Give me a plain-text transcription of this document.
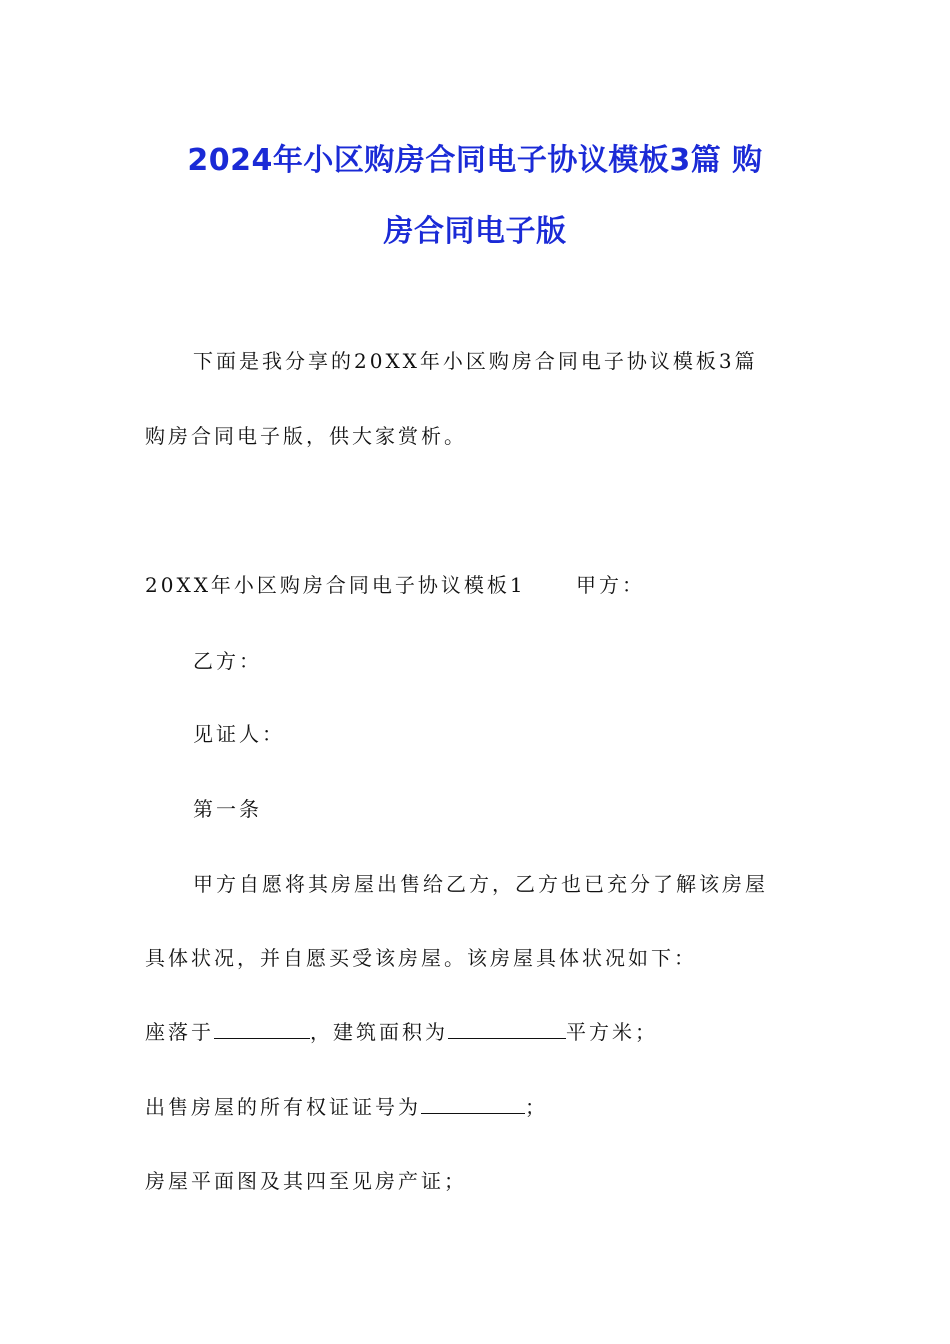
2024年小区购房合同电子协议模板3篇 购
房合同电子版

下面是我分享的20XX年小区购房合同电子协议模板3篇

购房合同电子版，供大家赏析。

20XX年小区购房合同电子协议模板1	甲方：

乙方：

见证人：

第一条

甲方自愿将其房屋出售给乙方，乙方也已充分了解该房屋

具体状况，并自愿买受该房屋。该房屋具体状况如下：

座落于	，建筑面积为	平方米；

出售房屋的所有权证证号为	；

房屋平面图及其四至见房产证；
